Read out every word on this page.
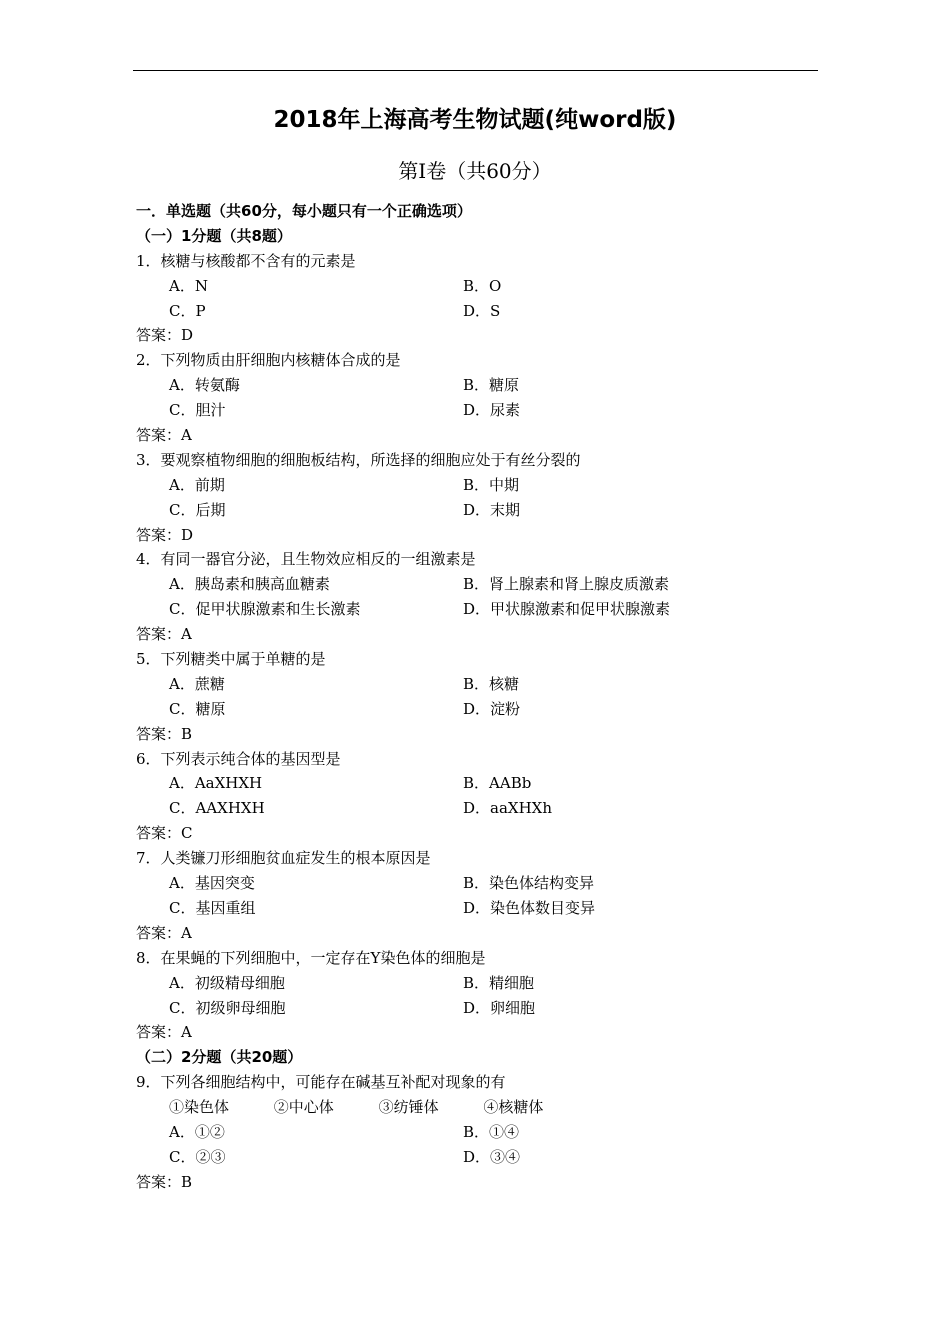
2018年上海高考生物试题(纯word版)
第I卷（共60分）
一．单选题（共60分，每小题只有一个正确选项）
（一）1分题（共8题）
1．核糖与核酸都不含有的元素是
A．N	B．O
C．P	D．S
答案：D
2．下列物质由肝细胞内核糖体合成的是
A．转氨酶	B．糖原
C．胆汁	D．尿素
答案：A
3．要观察植物细胞的细胞板结构，所选择的细胞应处于有丝分裂的
A．前期	B．中期
C．后期	D．末期
答案：D
4．有同一器官分泌，且生物效应相反的一组激素是
A．胰岛素和胰高血糖素	B．肾上腺素和肾上腺皮质激素
C．促甲状腺激素和生长激素	D．甲状腺激素和促甲状腺激素
答案：A
5．下列糖类中属于单糖的是
A．蔗糖	B．核糖
C．糖原	D．淀粉
答案：B
6．下列表示纯合体的基因型是
A．AaXHXH	B．AABb
C．AAXHXH	D．aaXHXh
答案：C
7．人类镰刀形细胞贫血症发生的根本原因是
A．基因突变	B．染色体结构变异
C．基因重组	D．染色体数目变异
答案：A
8．在果蝇的下列细胞中，一定存在Y染色体的细胞是
A．初级精母细胞	B．精细胞
C．初级卵母细胞	D．卵细胞
答案：A
（二）2分题（共20题）
9．下列各细胞结构中，可能存在碱基互补配对现象的有
①染色体	②中心体	③纺锤体	④核糖体
A．①②	B．①④
C．②③	D．③④
答案：B
